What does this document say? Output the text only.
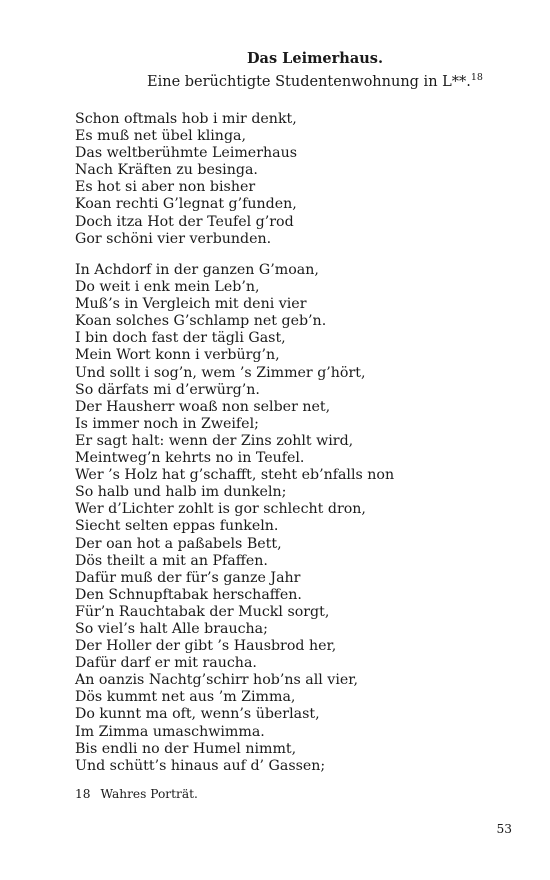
Das Leimerhaus.
Eine berüchtigte Studentenwohnung in L**.$^{18}$
Schon oftmals hob i mir denkt,
Es muß net übel klinga,
Das weltberühmte Leimerhaus
Nach Kräften zu besinga.
Es hot si aber non bisher
Koan rechti G’legnat g’funden,
Doch itza Hot der Teufel g’rod
Gor schöni vier verbunden.
In Achdorf in der ganzen G’moan,
Do weit i enk mein Leb’n,
Muß’s in Vergleich mit deni vier
Koan solches G’schlamp net geb’n.
I bin doch fast der tägli Gast,
Mein Wort konn i verbürg’n,
Und sollt i sog’n, wem ’s Zimmer g’hört,
So därfats mi d’erwürg’n.
Der Hausherr woaß non selber net,
Is immer noch in Zweifel;
Er sagt halt: wenn der Zins zohlt wird,
Meintweg’n kehrts no in Teufel.
Wer ’s Holz hat g’schafft, steht eb’nfalls non
So halb und halb im dunkeln;
Wer d’Lichter zohlt is gor schlecht dron,
Siecht selten eppas funkeln.
Der oan hot a paßabels Bett,
Dös theilt a mit an Pfaffen.
Dafür muß der für’s ganze Jahr
Den Schnupftabak herschaffen.
Für’n Rauchtabak der Muckl sorgt,
So viel’s halt Alle braucha;
Der Holler der gibt ’s Hausbrod her,
Dafür darf er mit raucha.
An oanzis Nachtg’schirr hob’ns all vier,
Dös kummt net aus ’m Zimma,
Do kunnt ma oft, wenn’s überlast,
Im Zimma umaschwimma.
Bis endli no der Humel nimmt,
Und schütt’s hinaus auf d’ Gassen;
18 Wahres Porträt.
53
